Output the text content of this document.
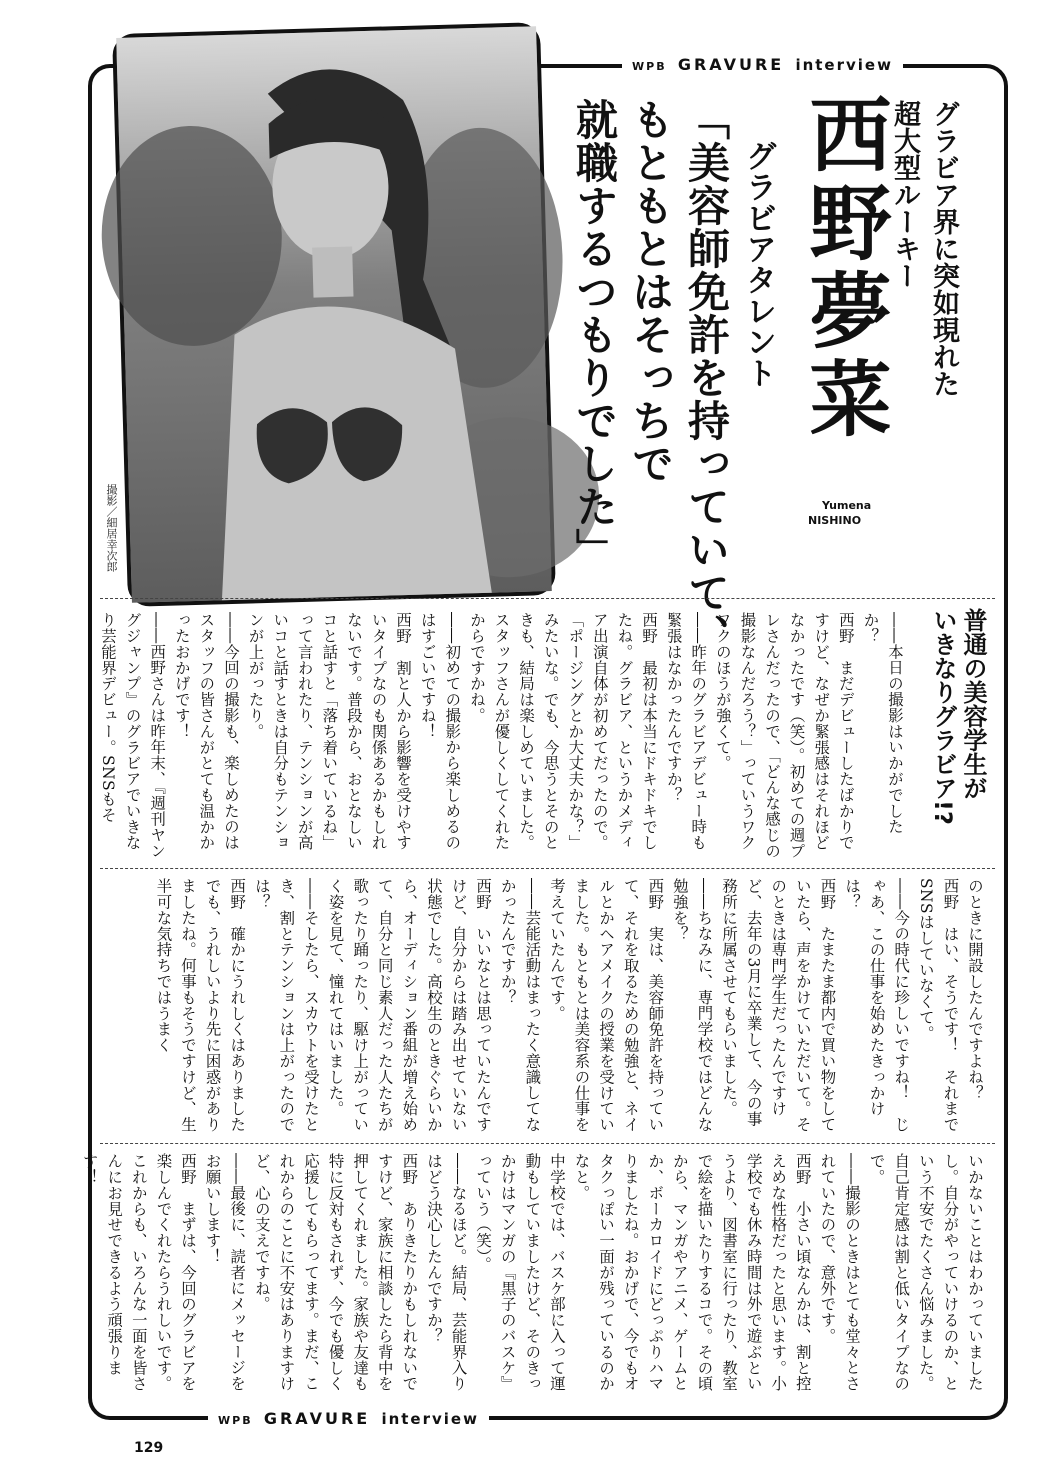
WPB GRAVURE interview
撮影／細居幸次郎
グラビア界に突如現れた
超大型ルーキー
西野夢菜
グラビアタレント
Yumena
NISHINO
「美容師免許を持っていて、
もともとはそっちで
就職するつもりでした」
普通の美容学生が
いきなりグラビア!?
――本日の撮影はいかがでしたか？
西野　まだデビューしたばかりですけど、なぜか緊張感はそれほどなかったです（笑）。初めての週プレさんだったので、「どんな感じの撮影なんだろう？」っていうワクワクのほうが強くて。
――昨年のグラビアデビュー時も緊張はなかったんですか？
西野　最初は本当にドキドキでしたね。グラビア、というかメディア出演自体が初めてだったので。「ポージングとか大丈夫かな？」みたいな。でも、今思うとそのときも、結局は楽しめていました。スタッフさんが優しくしてくれたからですかね。
――初めての撮影から楽しめるのはすごいですね！
西野　割と人から影響を受けやすいタイプなのも関係あるかもしれないです。普段から、おとなしいコと話すと「落ち着いているね」って言われたり、テンションが高いコと話すときは自分もテンションが上がったり。
――今回の撮影も、楽しめたのはスタッフの皆さんがとても温かかったおかげです！
――西野さんは昨年末、『週刊ヤングジャンプ』のグラビアでいきなり芸能界デビュー。SNSもそ
のときに開設したんですよね？
西野　はい、そうです！　それまでSNSはしていなくて。
――今の時代に珍しいですね！　じゃあ、この仕事を始めたきっかけは？
西野　たまたま都内で買い物をしていたら、声をかけていただいて。そのときは専門学生だったんですけど、去年の3月に卒業して、今の事務所に所属させてもらいました。
――ちなみに、専門学校ではどんな勉強を？
西野　実は、美容師免許を持っていて、それを取るための勉強と、ネイルとかヘアメイクの授業を受けていました。もともとは美容系の仕事を考えていたんです。
――芸能活動はまったく意識してなかったんですか？
西野　いいなとは思っていたんですけど、自分からは踏み出せていない状態でした。高校生のときぐらいから、オーディション番組が増え始めて、自分と同じ素人だった人たちが歌ったり踊ったり、駆け上がっていく姿を見て、憧れてはいました。
――そしたら、スカウトを受けたとき、割とテンションは上がったのでは？
西野　確かにうれしくはありましたでも、うれしいより先に困惑がありましたね。何事もそうですけど、生半可な気持ちではうまく
いかないことはわかっていましたし。自分がやっていけるのか、という不安でたくさん悩みました。自己肯定感は割と低いタイプなので。
――撮影のときはとても堂々とされていたので、意外です。
西野　小さい頃なんかは、割と控えめな性格だったと思います。小学校でも休み時間は外で遊ぶというより、図書室に行ったり、教室で絵を描いたりするコで。その頃から、マンガやアニメ、ゲームとか、ボーカロイドにどっぷりハマりましたね。おかげで、今でもオタクっぽい一面が残っているのかなと。
中学校では、バスケ部に入って運動もしていましたけど、そのきっかけはマンガの『黒子のバスケ』っていう（笑）。
――なるほど。結局、芸能界入りはどう決心したんですか？
西野　ありきたりかもしれないですけど、家族に相談したら背中を押してくれました。家族や友達も特に反対もされず、今でも優しく応援してもらってます。まだ、これからのことに不安はありますけど、心の支えですね。
――最後に、読者にメッセージをお願いします！
西野　まずは、今回のグラビアを楽しんでくれたらうれしいです。これからも、いろんな一面を皆さんにお見せできるよう頑張ります！
WPB GRAVURE interview
129
